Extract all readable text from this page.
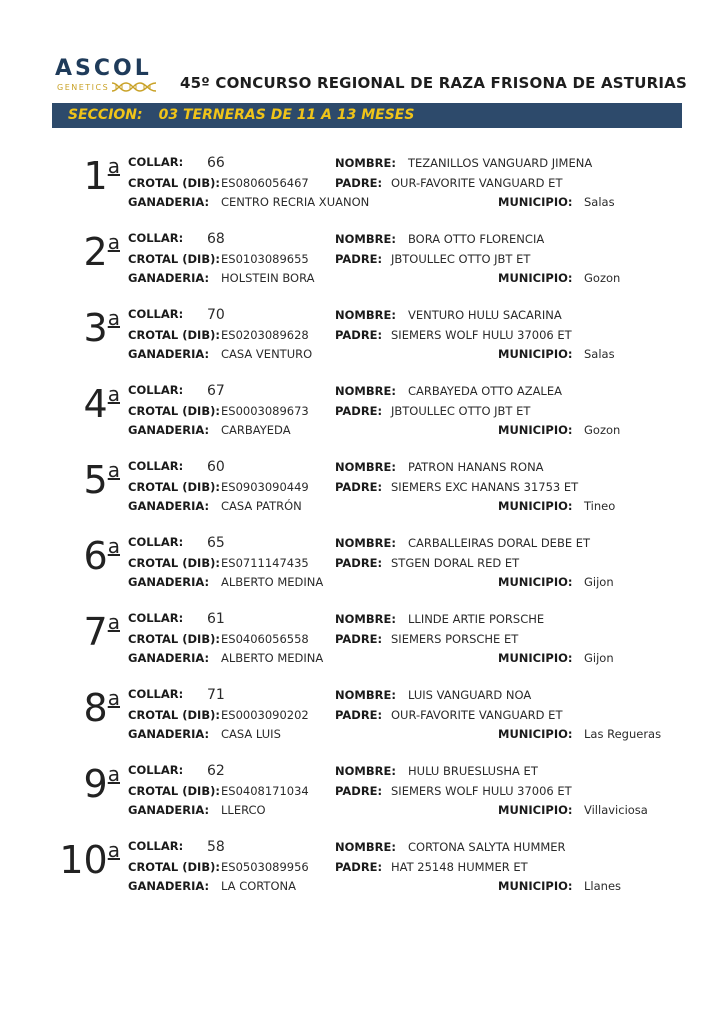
ASCOL
GENETICS	45º CONCURSO REGIONAL DE RAZA FRISONA DE ASTURIAS
SECCION: 03 TERNERAS DE 11 A 13 MESES
1$^a$ COLLAR: 66
CROTAL (DIB): ES0806056467
GANADERIA: CENTRO RECRIA XUANON
NOMBRE: TEZANILLOS VANGUARD JIMENA
PADRE: OUR-FAVORITE VANGUARD ET
MUNICIPIO: Salas
2$^a$ COLLAR: 68
CROTAL (DIB): ES0103089655
GANADERIA: HOLSTEIN BORA
NOMBRE: BORA OTTO FLORENCIA
PADRE: JBTOULLEC OTTO JBT ET
MUNICIPIO: Gozon
3$^a$ COLLAR: 70
CROTAL (DIB): ES0203089628
GANADERIA: CASA VENTURO
NOMBRE: VENTURO HULU SACARINA
PADRE: SIEMERS WOLF HULU 37006 ET
MUNICIPIO: Salas
4$^a$ COLLAR: 67
CROTAL (DIB): ES0003089673
GANADERIA: CARBAYEDA
NOMBRE: CARBAYEDA OTTO AZALEA
PADRE: JBTOULLEC OTTO JBT ET
MUNICIPIO: Gozon
5$^a$ COLLAR: 60
CROTAL (DIB): ES0903090449
GANADERIA: CASA PATRÓN
NOMBRE: PATRON HANANS RONA
PADRE: SIEMERS EXC HANANS 31753 ET
MUNICIPIO: Tineo
6$^a$ COLLAR: 65
CROTAL (DIB): ES0711147435
GANADERIA: ALBERTO MEDINA
NOMBRE: CARBALLEIRAS DORAL DEBE ET
PADRE: STGEN DORAL RED ET
MUNICIPIO: Gijon
7$^a$ COLLAR: 61
CROTAL (DIB): ES0406056558
GANADERIA: ALBERTO MEDINA
NOMBRE: LLINDE ARTIE PORSCHE
PADRE: SIEMERS PORSCHE ET
MUNICIPIO: Gijon
8$^a$ COLLAR: 71
CROTAL (DIB): ES0003090202
GANADERIA: CASA LUIS
NOMBRE: LUIS VANGUARD NOA
PADRE: OUR-FAVORITE VANGUARD ET
MUNICIPIO: Las Regueras
9$^a$ COLLAR: 62
CROTAL (DIB): ES0408171034
GANADERIA: LLERCO
NOMBRE: HULU BRUESLUSHA ET
PADRE: SIEMERS WOLF HULU 37006 ET
MUNICIPIO: Villaviciosa
10$^a$ COLLAR: 58
CROTAL (DIB): ES0503089956
GANADERIA: LA CORTONA
NOMBRE: CORTONA SALYTA HUMMER
PADRE: HAT 25148 HUMMER ET
MUNICIPIO: Llanes
